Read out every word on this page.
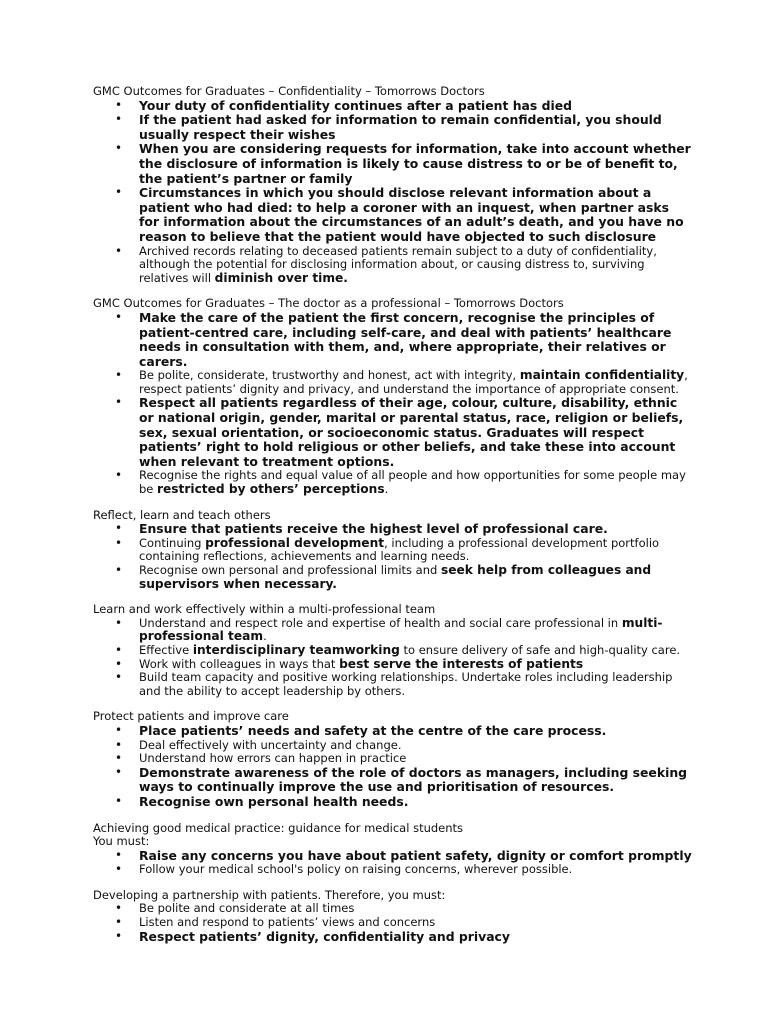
GMC Outcomes for Graduates – Confidentiality – Tomorrows Doctors
• Your duty of confidentiality continues after a patient has died
• If the patient had asked for information to remain confidential, you should usually respect their wishes
• When you are considering requests for information, take into account whether the disclosure of information is likely to cause distress to or be of benefit to, the patient’s partner or family
• Circumstances in which you should disclose relevant information about a patient who had died: to help a coroner with an inquest, when partner asks for information about the circumstances of an adult’s death, and you have no reason to believe that the patient would have objected to such disclosure
• Archived records relating to deceased patients remain subject to a duty of confidentiality, although the potential for disclosing information about, or causing distress to, surviving relatives will diminish over time.
GMC Outcomes for Graduates – The doctor as a professional – Tomorrows Doctors
• Make the care of the patient the first concern, recognise the principles of patient-centred care, including self-care, and deal with patients’ healthcare needs in consultation with them, and, where appropriate, their relatives or carers.
• Be polite, considerate, trustworthy and honest, act with integrity, maintain confidentiality, respect patients’ dignity and privacy, and understand the importance of appropriate consent.
• Respect all patients regardless of their age, colour, culture, disability, ethnic or national origin, gender, marital or parental status, race, religion or beliefs, sex, sexual orientation, or socioeconomic status. Graduates will respect patients’ right to hold religious or other beliefs, and take these into account when relevant to treatment options.
• Recognise the rights and equal value of all people and how opportunities for some people may be restricted by others’ perceptions.
Reflect, learn and teach others
• Ensure that patients receive the highest level of professional care.
• Continuing professional development, including a professional development portfolio containing reflections, achievements and learning needs.
• Recognise own personal and professional limits and seek help from colleagues and supervisors when necessary.
Learn and work effectively within a multi-professional team
• Understand and respect role and expertise of health and social care professional in multi-professional team.
• Effective interdisciplinary teamworking to ensure delivery of safe and high-quality care.
• Work with colleagues in ways that best serve the interests of patients
• Build team capacity and positive working relationships. Undertake roles including leadership and the ability to accept leadership by others.
Protect patients and improve care
• Place patients’ needs and safety at the centre of the care process.
• Deal effectively with uncertainty and change.
• Understand how errors can happen in practice
• Demonstrate awareness of the role of doctors as managers, including seeking ways to continually improve the use and prioritisation of resources.
• Recognise own personal health needs.
Achieving good medical practice: guidance for medical students
You must:
• Raise any concerns you have about patient safety, dignity or comfort promptly
• Follow your medical school's policy on raising concerns, wherever possible.
Developing a partnership with patients. Therefore, you must:
• Be polite and considerate at all times
• Listen and respond to patients’ views and concerns
• Respect patients’ dignity, confidentiality and privacy
